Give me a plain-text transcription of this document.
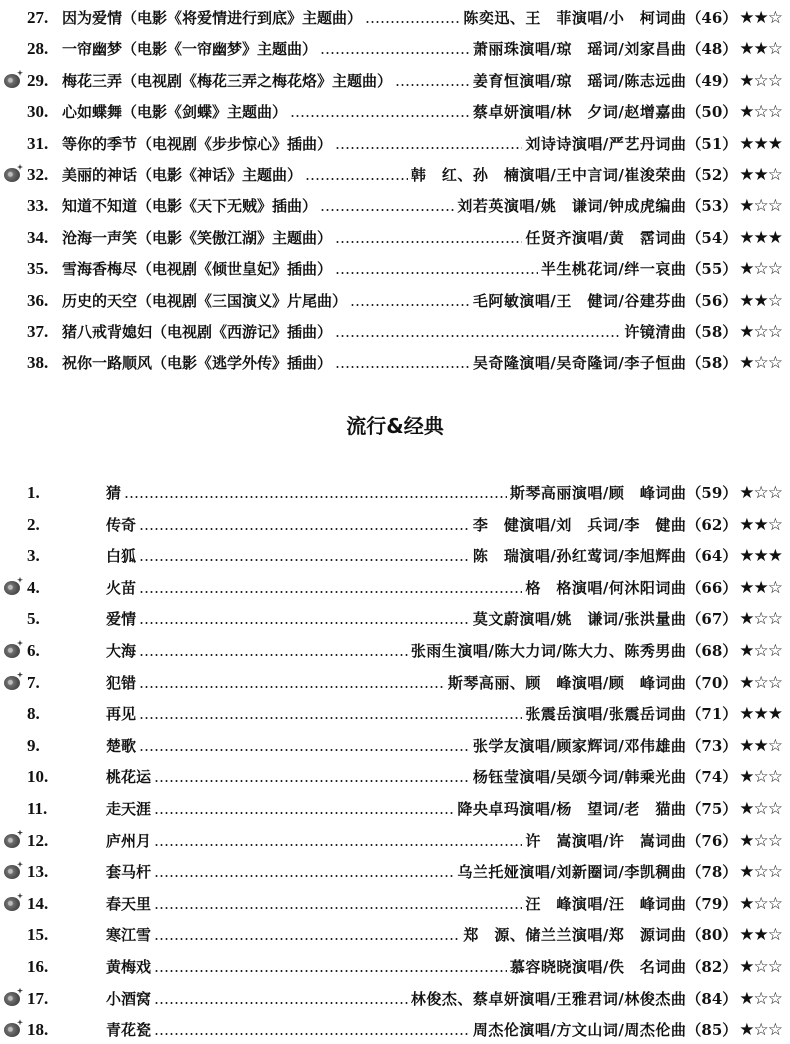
27. 因为爱情（电影《将爱情进行到底》主题曲）	陈奕迅、王　菲演唱/小　柯词曲 （46） ★★☆
28. 一帘幽梦（电影《一帘幽梦》主题曲）	萧丽珠演唱/琼　瑶词/刘家昌曲 （48） ★★☆
29. 梅花三弄（电视剧《梅花三弄之梅花烙》主题曲）	姜育恒演唱/琼　瑶词/陈志远曲 （49） ★☆☆
30. 心如蝶舞（电影《剑蝶》主题曲）	蔡卓妍演唱/林　夕词/赵增嘉曲 （50） ★☆☆
31. 等你的季节（电视剧《步步惊心》插曲）	刘诗诗演唱/严艺丹词曲 （51） ★★★
32. 美丽的神话（电影《神话》主题曲）	韩　红、孙　楠演唱/王中言词/崔浚荣曲 （52） ★★☆
33. 知道不知道（电影《天下无贼》插曲）	刘若英演唱/姚　谦词/钟成虎编曲 （53） ★☆☆
34. 沧海一声笑（电影《笑傲江湖》主题曲）	任贤齐演唱/黄　霑词曲 （54） ★★★
35. 雪海香梅尽（电视剧《倾世皇妃》插曲）	半生桃花词/绊一哀曲 （55） ★☆☆
36. 历史的天空（电视剧《三国演义》片尾曲）	毛阿敏演唱/王　健词/谷建芬曲 （56） ★★☆
37. 猪八戒背媳妇（电视剧《西游记》插曲）	许镜清曲 （58） ★☆☆
38. 祝你一路顺风（电影《逃学外传》插曲）	吴奇隆演唱/吴奇隆词/李子恒曲 （58） ★☆☆
流行&经典
1.	猜	斯琴高丽演唱/顾　峰词曲 （59） ★☆☆
2.	传奇	李　健演唱/刘　兵词/李　健曲 （62） ★★☆
3.	白狐	陈　瑞演唱/孙红莺词/李旭辉曲 （64） ★★★
4.	火苗	格　格演唱/何沐阳词曲 （66） ★★☆
5.	爱情	莫文蔚演唱/姚　谦词/张洪量曲 （67） ★☆☆
6.	大海	张雨生演唱/陈大力词/陈大力、陈秀男曲 （68） ★☆☆
7.	犯错	斯琴高丽、顾　峰演唱/顾　峰词曲 （70） ★☆☆
8.	再见	张震岳演唱/张震岳词曲 （71） ★★★
9.	楚歌	张学友演唱/顾家辉词/邓伟雄曲 （73） ★★☆
10.	桃花运	杨钰莹演唱/吴颂今词/韩乘光曲 （74） ★☆☆
11.	走天涯	降央卓玛演唱/杨　望词/老　猫曲 （75） ★☆☆
12.	庐州月	许　嵩演唱/许　嵩词曲 （76） ★☆☆
13.	套马杆	乌兰托娅演唱/刘新圈词/李凯稠曲 （78） ★☆☆
14.	春天里	汪　峰演唱/汪　峰词曲 （79） ★☆☆
15.	寒江雪	郑　源、储兰兰演唱/郑　源词曲 （80） ★★☆
16.	黄梅戏	慕容晓晓演唱/佚　名词曲 （82） ★☆☆
17.	小酒窝	林俊杰、蔡卓妍演唱/王雅君词/林俊杰曲 （84） ★☆☆
18.	青花瓷	周杰伦演唱/方文山词/周杰伦曲 （85） ★☆☆
